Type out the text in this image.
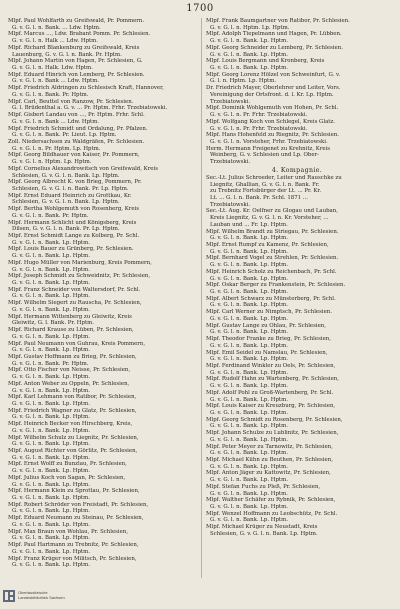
1700
Mlpf. Paul Wohlfarth zu Greifswald, Pr. Pommern.
G. v. G. l. n. Bank. ... Ldw. Hptm.
Mlpf. Marcus ..., Ldw. Brabant Pomm. Pr. Schlesien.
G. v. G. l. n. Halk ... Ldw. Hptm.
Mlpf. Richard Blankenburg zu Greifswald, Kreis
Lauenburg, G. v. G. l. n. Bank. Pr. Hptm.
Mlpf. Johann Martin von Hagen, Pr. Schlesien, G.
G. v. G. l. n. Halk. Ldw. Hptm.
Mlpf. Eduard Hinrich von Lemberg, Pr. Schlesien.
G. v. G. l. n. Bank ... Ldw. Hptm.
Mlpf. Friedrich Aldringen zu Schlesisch Kraft, Hannover,
G. v. G. l. n. Bank. Pr. Hptm.
Mlpf. Carl, Beuttel von Ranzow, Pr. Schlesien.
G. l. Brüdenthal a. G. v. ... Pr. Hptm. Frhr. Trzebiatowski.
Mlpf. Gisbert Landau von ..., Pr. Hptm. Frhr. Schl.
G. v. G. l. n. Bank ... Ldw. Hptm.
Mlpf. Friedrich Schmidt und Ordalung, Pr. Pfalzen.
G. v. G. l. n. Bank. Pr. Lieut. Lp. Hptm.
Zoll. Niedersachsen zu Waldgräfen, Pr. Schlesien.
G. v. G. l. n. Pr. Hptm. Lp. Hptm.
Mlpf. Georg Bildhauer von Kaiser, Pr. Pommern,
G. v. G. l. n. Hptm. Lp. Hptm.
Mlpf. Cornelius Alexandrowitsch von Greifswald, Kreis
Schlesien, G. v. G. l. n. Bank. Lp. Hptm.
Mlpf. Georg Albrecht K. von Brieg, Pommern, Pr.
Schlesien, G. v. G. l. n. Bank. Pr. Lp. Hptm.
Mlpf. Ernst Eduard Heinrich zu Grottkau, Kr.
Schlesien, G. v. G. l. n. Bank. Lp. Hptm.
Mlpf. Bertha Wohlgemuth von Rosenberg, Kreis
G. v. G. l. n. Bank. Pr. Hptm.
Mlpf. Hermann Schlicht und Königsberg, Kreis
Dilsen, G. v. G. l. n. Bank. Pr. Lp. Hptm.
Mlpf. Ernst Schmidt Lange zu Kolberg, Pr. Schl.
G. v. G. l. n. Bank. Lp. Hptm.
Mlpf. Louis Bauer zu Grünberg, Pr. Schlesien.
G. v. G. l. n. Bank. Lp. Hptm.
Mlpf. Hugo Müller von Marienburg, Kreis Pommern,
G. v. G. l. n. Bank. Lp. Hptm.
Mlpf. Joseph Schmidt zu Schweidnitz, Pr. Schlesien,
G. v. G. l. n. Bank. Lp. Hptm.
Mlpf. Franz Schneider von Waltersdorf, Pr. Schl.
G. v. G. l. n. Bank. Lp. Hptm.
Mlpf. Wilhelm Siegert zu Rauscha, Pr. Schlesien,
G. v. G. l. n. Bank. Lp. Hptm.
Mlpf. Hermann Wittenberg zu Gleiwitz, Kreis
Gleiwitz, G. l. Bank. Pr. Hptm.
Mlpf. Richard Krause zu Lüben, Pr. Schlesien,
G. v. G. l. n. Bank. Lp. Hptm.
Mlpf. Paul Neumann von Guhrau, Kreis Pommern,
G. v. G. l. n. Bank. Lp. Hptm.
Mlpf. Gustav Hoffmann zu Brieg, Pr. Schlesien,
G. v. G. l. n. Bank. Pr. Hptm.
Mlpf. Otto Fischer von Neisse, Pr. Schlesien,
G. v. G. l. n. Bank. Lp. Hptm.
Mlpf. Anton Weber zu Oppeln, Pr. Schlesien,
G. v. G. l. n. Bank. Lp. Hptm.
Mlpf. Karl Lehmann von Ratibor, Pr. Schlesien,
G. v. G. l. n. Bank. Lp. Hptm.
Mlpf. Friedrich Wagner zu Glatz, Pr. Schlesien,
G. v. G. l. n. Bank. Lp. Hptm.
Mlpf. Heinrich Becker von Hirschberg, Kreis,
G. v. G. l. n. Bank. Lp. Hptm.
Mlpf. Wilhelm Schulz zu Liegnitz, Pr. Schlesien,
G. v. G. l. n. Bank. Lp. Hptm.
Mlpf. August Richter von Görlitz, Pr. Schlesien,
G. v. G. l. n. Bank. Lp. Hptm.
Mlpf. Ernst Wolff zu Bunzlau, Pr. Schlesien,
G. v. G. l. n. Bank. Lp. Hptm.
Mlpf. Julius Koch von Sagan, Pr. Schlesien,
G. v. G. l. n. Bank. Lp. Hptm.
Mlpf. Hermann Klein zu Sprottau, Pr. Schlesien,
G. v. G. l. n. Bank. Lp. Hptm.
Mlpf. Robert Schröder von Freistadt, Pr. Schlesien,
G. v. G. l. n. Bank. Lp. Hptm.
Mlpf. Eduard Neumann zu Steinau, Pr. Schlesien,
G. v. G. l. n. Bank. Lp. Hptm.
Mlpf. Max Braun von Wohlau, Pr. Schlesien,
G. v. G. l. n. Bank. Lp. Hptm.
Mlpf. Paul Hartmann zu Trebnitz, Pr. Schlesien,
G. v. G. l. n. Bank. Lp. Hptm.
Mlpf. Franz Krüger von Militsch, Pr. Schlesien,
G. v. G. l. n. Bank. Lp. Hptm.
Mlpf. Frank Baumgartner von Ratibor, Pr. Schlesien.
G. v. G. l. n. Hptm. Lp. Hptm.
Mlpf. Adolph Tiepelmann und Hagen, Pr. Lübben.
G. v. G. l. n. Bank. Lp. Hptm.
Mlpf. Georg Schneider zu Lemberg, Pr. Schlesien.
G. v. G. l. n. Bank. Lp. Hptm.
Mlpf. Louis Bergmann und Kronberg, Kreis
G. v. G. l. n. Bank. Lp. Hptm.
Mlpf. Georg Lorenz Hölzel von Schweinfurt, G. v.
G. l. n. Hptm. Lp. Hptm.
Dr. Friedrich Mayer, Oberlehrer und Leiter, Vors.
Vereinigung der Ortsfront. d. l. Kr. Lp. Hptm.
Trzebiatowski.
Mlpf. Dominik Wohlgemuth von Hohen, Pr. Schl.
G. v. G. l. n. Pr. Frhr. Trzebiatowski.
Mlpf. Wolfgang Koch von Schlegel, Kreis Glatz.
G. v. G. l. n. Pr. Frhr. Trzebiatowski.
Mlpf. Hans Hohenfeld zu Riegnitz, Pr. Schlesien.
G. v. G. l. n. Vorsteher, Frhr. Trzebiatowski.
Herm. Hermann Freigenet zu Krehnitz, Kreis
Weinberg, G. v. Schlesien und Lp. Ober-
Trzebiatowski.
4. Kompagnie.
Sec.-Lt. Julius Schroeder, Leiter und Rauschke zu
Liegnitz, Ghallian, G. v. G. l. n. Bank. Fr.
zu Trebnitz Fortsbürger der Lt. ... Pr. Kr.
Lt. ... G. l. n. Bank. Pr. Schl. 1871 ...
Trzebiatowski.
Sec.-Lt. Aug. Kr. Oelfner zu Glogau und Lauban,
Kreis Liegnitz, G. v. G. l. n. Kr. Vorsteher, ...
Lauban und ... Fr. Lp. Hptm.
Mlpf. Wilhelm Brandt zu Striegau, Pr. Schlesien.
G. v. G. l. n. Bank. Lp. Hptm.
Mlpf. Ernst Rumpf zu Kamenz, Pr. Schlesien,
G. v. G. l. n. Bank. Lp. Hptm.
Mlpf. Bernhard Vogel zu Strehlen, Pr. Schlesien.
G. v. G. l. n. Bank. Lp. Hptm.
Mlpf. Heinrich Scholz zu Reichenbach, Pr. Schl.
G. v. G. l. n. Bank. Lp. Hptm.
Mlpf. Oskar Berger zu Frankenstein, Pr. Schlesien.
G. v. G. l. n. Bank. Lp. Hptm.
Mlpf. Albert Schwarz zu Münsterberg, Pr. Schl.
G. v. G. l. n. Bank. Lp. Hptm.
Mlpf. Carl Werner zu Nimptsch, Pr. Schlesien.
G. v. G. l. n. Bank. Lp. Hptm.
Mlpf. Gustav Lange zu Ohlau, Pr. Schlesien,
G. v. G. l. n. Bank. Lp. Hptm.
Mlpf. Theodor Franke zu Brieg, Pr. Schlesien,
G. v. G. l. n. Bank. Lp. Hptm.
Mlpf. Emil Seidel zu Namslau, Pr. Schlesien,
G. v. G. l. n. Bank. Lp. Hptm.
Mlpf. Ferdinand Winkler zu Oels, Pr. Schlesien,
G. v. G. l. n. Bank. Lp. Hptm.
Mlpf. Rudolf Hahn zu Wartenberg, Pr. Schlesien,
G. v. G. l. n. Bank. Lp. Hptm.
Mlpf. Adolf Pohl zu Groß-Wartenberg, Pr. Schl.
G. v. G. l. n. Bank. Lp. Hptm.
Mlpf. Louis Kaiser zu Kreuzburg, Pr. Schlesien,
G. v. G. l. n. Bank. Lp. Hptm.
Mlpf. Georg Schmidt zu Rosenberg, Pr. Schlesien,
G. v. G. l. n. Bank. Lp. Hptm.
Mlpf. Johann Schulze zu Lublinitz, Pr. Schlesien,
G. v. G. l. n. Bank. Lp. Hptm.
Mlpf. Peter Meyer zu Tarnowitz, Pr. Schlesien,
G. v. G. l. n. Bank. Lp. Hptm.
Mlpf. Michael Kühn zu Beuthen, Pr. Schlesien,
G. v. G. l. n. Bank. Lp. Hptm.
Mlpf. Anton Jäger zu Kattowitz, Pr. Schlesien,
G. v. G. l. n. Bank. Lp. Hptm.
Mlpf. Stefan Fuchs zu Pleß, Pr. Schlesien,
G. v. G. l. n. Bank. Lp. Hptm.
Mlpf. Walther Schäfer zu Rybnik, Pr. Schlesien,
G. v. G. l. n. Bank. Lp. Hptm.
Mlpf. Wenzel Hoffmann zu Leobschütz, Pr. Schl.
G. v. G. l. n. Bank. Lp. Hptm.
Mlpf. Michael Krüger zu Neustadt, Kreis
Schlesien, G. v. G. l. n. Bank. Lp. Hptm.
Oberlausitzische
Landesbibliothek Sachsen
